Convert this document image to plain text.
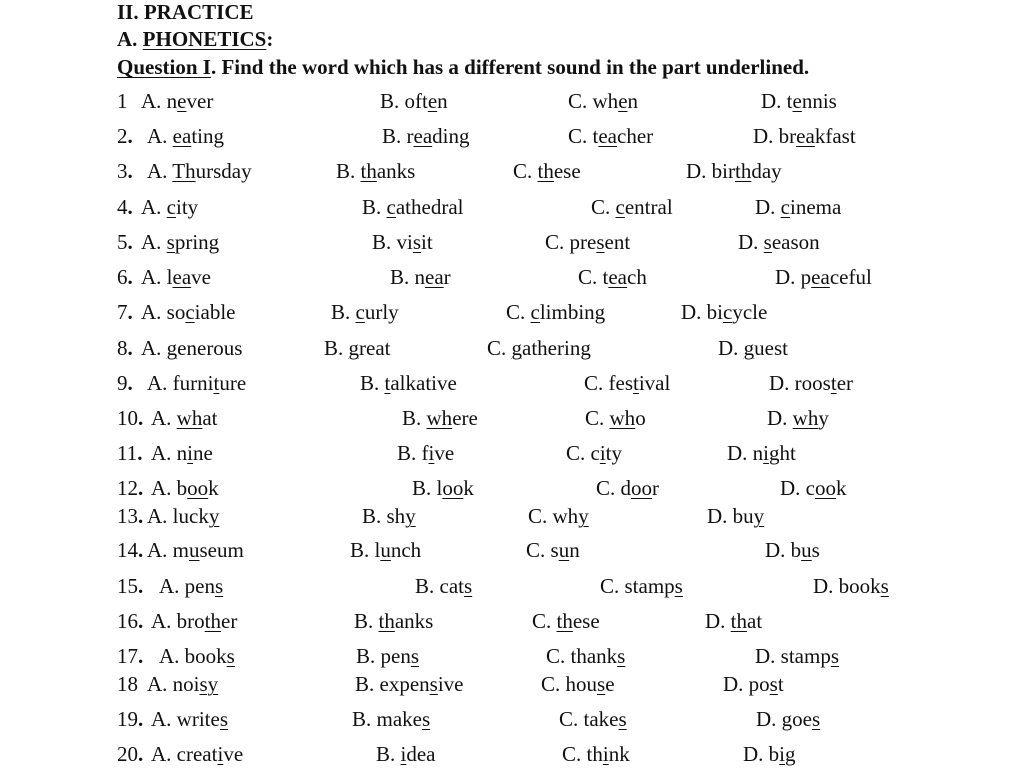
II. PRACTICE
A. PHONETICS:
Question I. Find the word which has a different sound in the part underlined.
1 A. never	B. often	C. when	D. tennis
2. A. eating	B. reading	C. teacher	D. breakfast
3. A. Thursday	B. thanks	C. these	D. birthday
4. A. city	B. cathedral	C. central	D. cinema
5. A. spring	B. visit	C. present	D. season
6. A. leave	B. near	C. teach	D. peaceful
7. A. sociable	B. curly	C. climbing	D. bicycle
8. A. generous	B. great	C. gathering	D. guest
9. A. furniture	B. talkative	C. festival	D. rooster
10. A. what	B. where	C. who	D. why
11. A. nine	B. five	C. city	D. night
12. A. book	B. look	C. door	D. cook
13. A. lucky	B. shy	C. why	D. buy
14. A. museum	B. lunch	C. sun	D. bus
15. A. pens	B. cats	C. stamps	D. books
16. A. brother	B. thanks	C. these	D. that
17. A. books	B. pens	C. thanks	D. stamps
18 A. noisy	B. expensive	C. house	D. post
19. A. writes	B. makes	C. takes	D. goes
20. A. creative	B. idea	C. think	D. big
